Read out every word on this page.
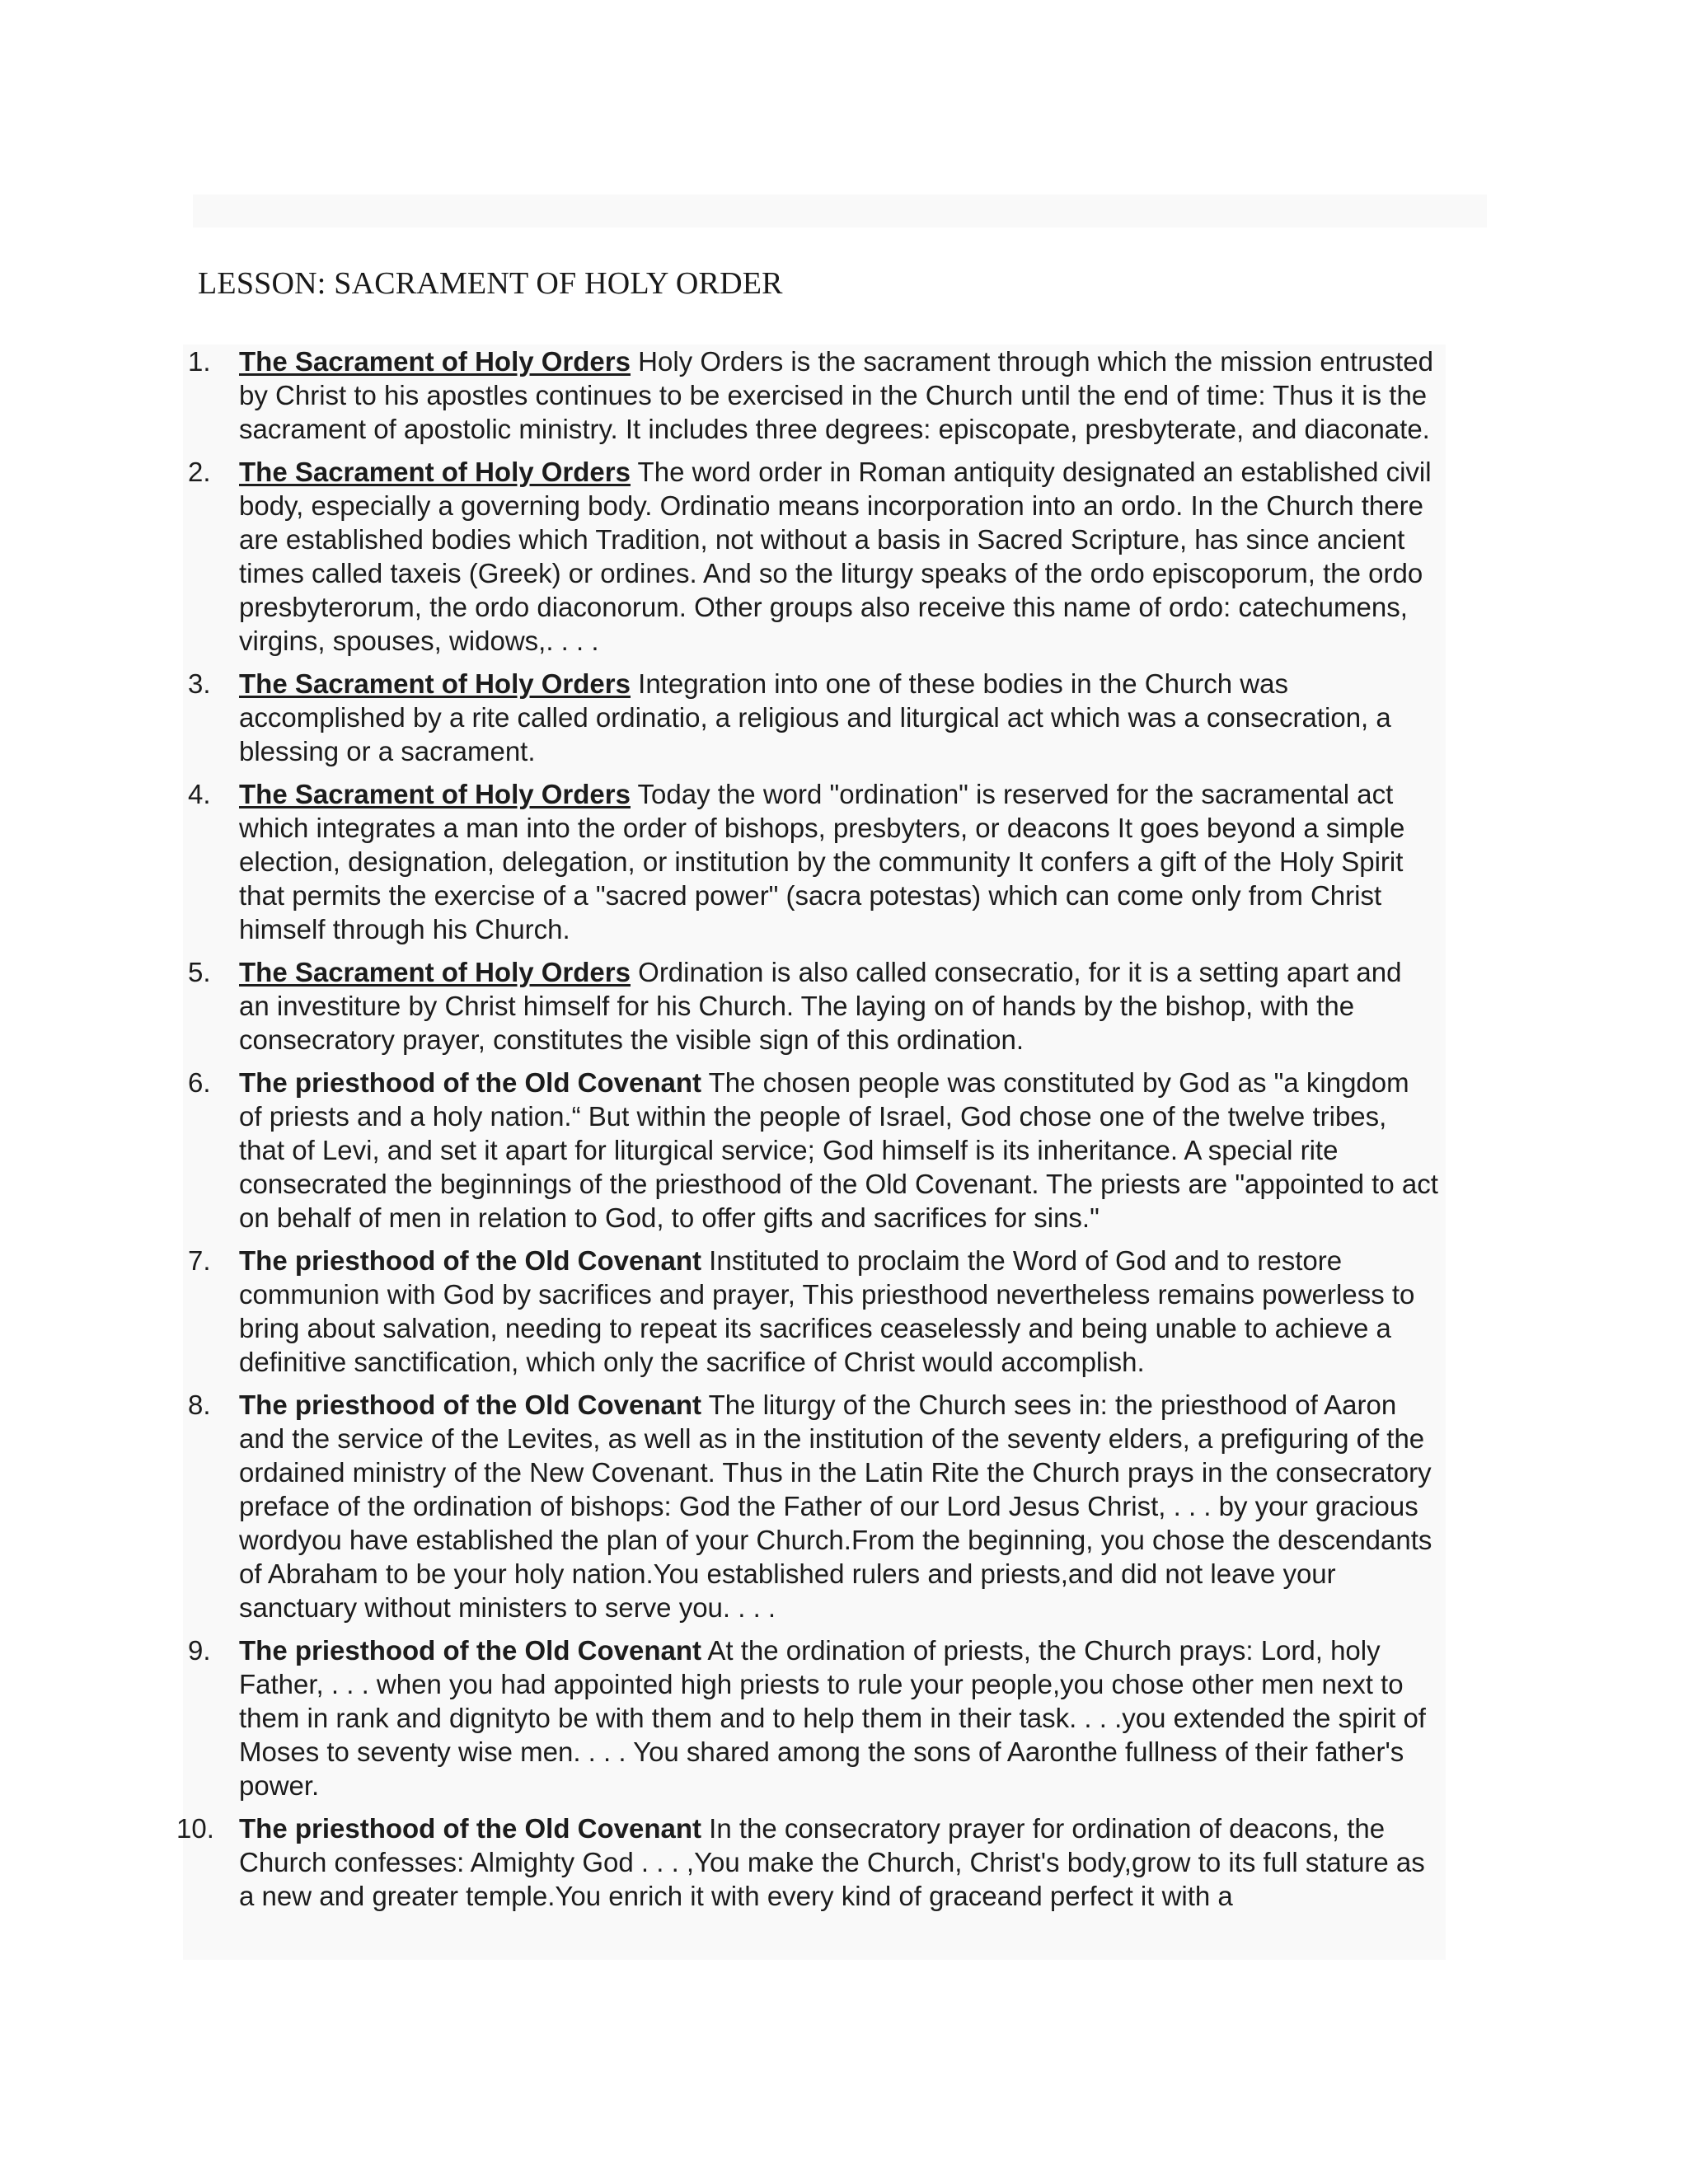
LESSON: SACRAMENT OF HOLY ORDER
1.	The Sacrament of Holy Orders Holy Orders is the sacrament through which the mission entrusted by Christ to his apostles continues to be exercised in the Church until the end of time: Thus it is the sacrament of apostolic ministry. It includes three degrees: episcopate, presbyterate, and diaconate.
2.	The Sacrament of Holy Orders The word order in Roman antiquity designated an established civil body, especially a governing body. Ordinatio means incorporation into an ordo. In the Church there are established bodies which Tradition, not without a basis in Sacred Scripture, has since ancient times called taxeis (Greek) or ordines. And so the liturgy speaks of the ordo episcoporum, the ordo presbyterorum, the ordo diaconorum. Other groups also receive this name of ordo: catechumens, virgins, spouses, widows,. . . .
3.	The Sacrament of Holy Orders Integration into one of these bodies in the Church was accomplished by a rite called ordinatio, a religious and liturgical act which was a consecration, a blessing or a sacrament.
4.	The Sacrament of Holy Orders Today the word "ordination" is reserved for the sacramental act which integrates a man into the order of bishops, presbyters, or deacons It goes beyond a simple election, designation, delegation, or institution by the community It confers a gift of the Holy Spirit that permits the exercise of a "sacred power" (sacra potestas) which can come only from Christ himself through his Church.
5.	The Sacrament of Holy Orders Ordination is also called consecratio, for it is a setting apart and an investiture by Christ himself for his Church. The laying on of hands by the bishop, with the consecratory prayer, constitutes the visible sign of this ordination.
6.	The priesthood of the Old Covenant The chosen people was constituted by God as "a kingdom of priests and a holy nation.“ But within the people of Israel, God chose one of the twelve tribes, that of Levi, and set it apart for liturgical service; God himself is its inheritance. A special rite consecrated the beginnings of the priesthood of the Old Covenant. The priests are "appointed to act on behalf of men in relation to God, to offer gifts and sacrifices for sins."
7.	The priesthood of the Old Covenant Instituted to proclaim the Word of God and to restore communion with God by sacrifices and prayer, This priesthood nevertheless remains powerless to bring about salvation, needing to repeat its sacrifices ceaselessly and being unable to achieve a definitive sanctification, which only the sacrifice of Christ would accomplish.
8.	The priesthood of the Old Covenant The liturgy of the Church sees in: the priesthood of Aaron and the service of the Levites, as well as in the institution of the seventy elders, a prefiguring of the ordained ministry of the New Covenant. Thus in the Latin Rite the Church prays in the consecratory preface of the ordination of bishops: God the Father of our Lord Jesus Christ, . . . by your gracious wordyou have established the plan of your Church.From the beginning, you chose the descendants of Abraham to be your holy nation.You established rulers and priests,and did not leave your sanctuary without ministers to serve you. . . .
9.	The priesthood of the Old Covenant At the ordination of priests, the Church prays: Lord, holy Father, . . . when you had appointed high priests to rule your people,you chose other men next to them in rank and dignityto be with them and to help them in their task. . . .you extended the spirit of Moses to seventy wise men. . . . You shared among the sons of Aaronthe fullness of their father's power.
10. The priesthood of the Old Covenant In the consecratory prayer for ordination of deacons, the Church confesses: Almighty God . . . ,You make the Church, Christ's body,grow to its full stature as a new and greater temple.You enrich it with every kind of graceand perfect it with a
